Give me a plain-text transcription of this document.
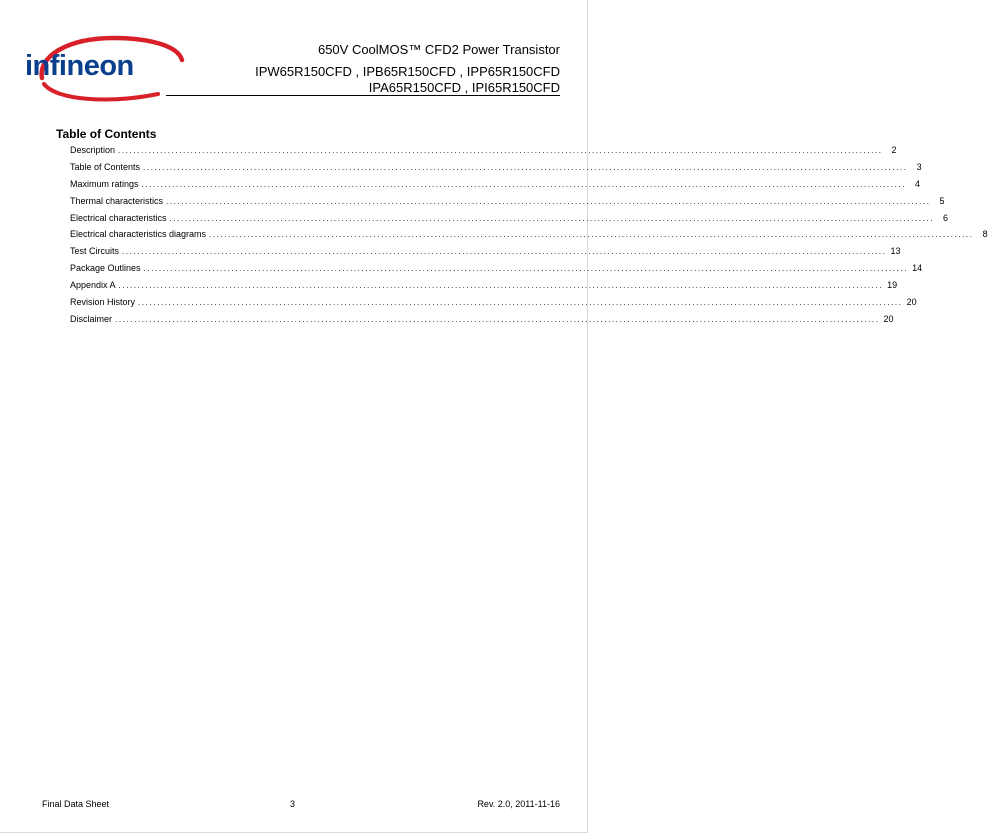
infineon
650V CoolMOS™ CFD2 Power Transistor
IPW65R150CFD , IPB65R150CFD , IPP65R150CFD
IPA65R150CFD , IPI65R150CFD
Table of Contents
Description ........................................................................................................................................................................................................ 2
Table of Contents ........................................................................................................................................................................................................ 3
Maximum ratings ........................................................................................................................................................................................................ 4
Thermal characteristics ........................................................................................................................................................................................................ 5
Electrical characteristics ........................................................................................................................................................................................................ 6
Electrical characteristics diagrams ........................................................................................................................................................................................................ 8
Test Circuits ........................................................................................................................................................................................................ 13
Package Outlines ........................................................................................................................................................................................................ 14
Appendix A ........................................................................................................................................................................................................ 19
Revision History ........................................................................................................................................................................................................ 20
Disclaimer ........................................................................................................................................................................................................ 20
Final Data Sheet	3	Rev. 2.0, 2011-11-16
